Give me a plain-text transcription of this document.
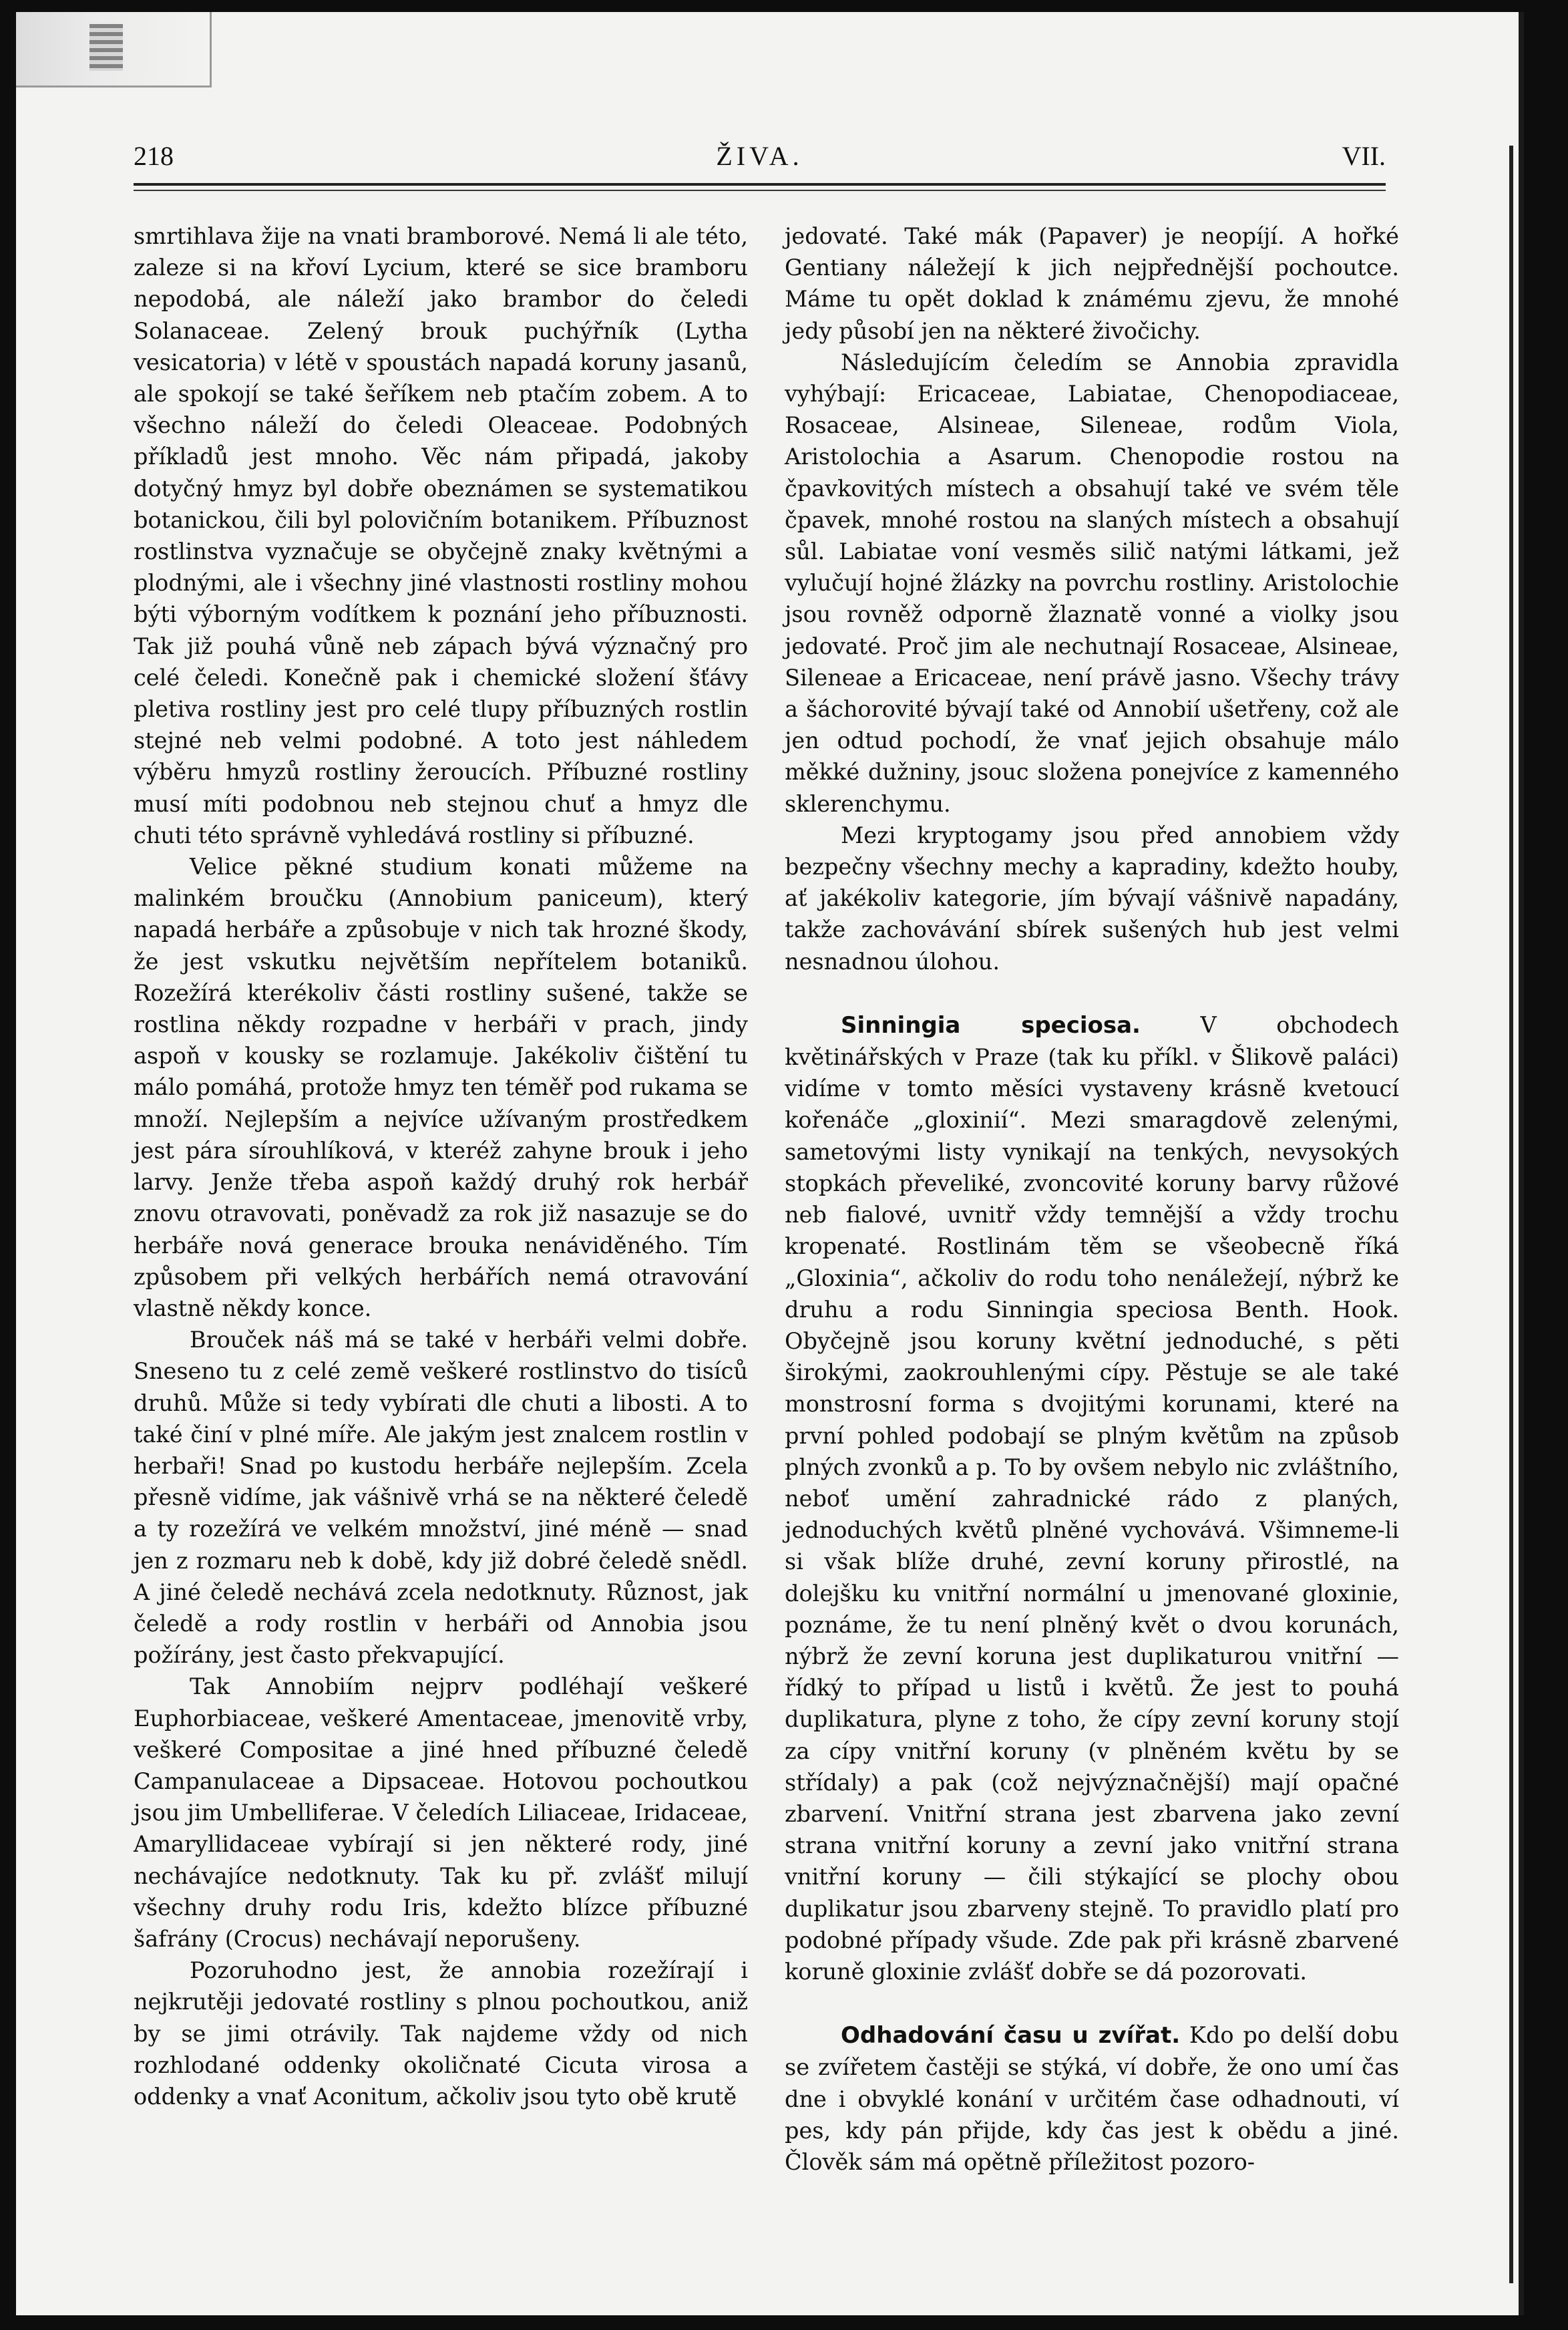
218	ŽIVA.	VII.

smrtihlava žije na vnati bramborové. Nemá li ale této, zaleze si na křoví Lycium, které se sice bramboru nepodobá, ale náleží jako brambor do čeledi Solanaceae. Zelený brouk puchýřník (Lytha vesicatoria) v létě v spoustách napadá koruny jasanů, ale spokojí se také šeříkem neb ptačím zobem. A to všechno náleží do čeledi Oleaceae. Podobných příkladů jest mnoho. Věc nám připadá, jakoby dotyčný hmyz byl dobře obeznámen se systematikou botanickou, čili byl polovičním botanikem. Příbuznost rostlinstva vyznačuje se obyčejně znaky květnými a plodnými, ale i všechny jiné vlastnosti rostliny mohou býti výborným vodítkem k poznání jeho příbuznosti. Tak již pouhá vůně neb zápach bývá význačný pro celé čeledi. Konečně pak i chemické složení šťávy pletiva rostliny jest pro celé tlupy příbuzných rostlin stejné neb velmi podobné. A toto jest náhledem výběru hmyzů rostliny žeroucích. Příbuzné rostliny musí míti podobnou neb stejnou chuť a hmyz dle chuti této správně vyhledává rostliny si příbuzné.

Velice pěkné studium konati můžeme na malinkém broučku (Annobium paniceum), který napadá herbáře a způsobuje v nich tak hrozné škody, že jest vskutku největším nepřítelem botaniků. Rozežírá kterékoliv části rostliny sušené, takže se rostlina někdy rozpadne v herbáři v prach, jindy aspoň v kousky se rozlamuje. Jakékoliv čištění tu málo pomáhá, protože hmyz ten téměř pod rukama se množí. Nejlepším a nejvíce užívaným prostředkem jest pára sírouhlíková, v kteréž zahyne brouk i jeho larvy. Jenže třeba aspoň každý druhý rok herbář znovu otravovati, poněvadž za rok již nasazuje se do herbáře nová generace brouka nenáviděného. Tím způsobem při velkých herbářích nemá otravování vlastně někdy konce.

Brouček náš má se také v herbáři velmi dobře. Sneseno tu z celé země veškeré rostlinstvo do tisíců druhů. Může si tedy vybírati dle chuti a libosti. A to také činí v plné míře. Ale jakým jest znalcem rostlin v herbaři! Snad po kustodu herbáře nejlepším. Zcela přesně vidíme, jak vášnivě vrhá se na některé čeledě a ty rozežírá ve velkém množství, jiné méně — snad jen z rozmaru neb k době, kdy již dobré čeledě snědl. A jiné čeledě nechává zcela nedotknuty. Různost, jak čeledě a rody rostlin v herbáři od Annobia jsou požírány, jest často překvapující.

Tak Annobiím nejprv podléhají veškeré Euphorbiaceae, veškeré Amentaceae, jmenovitě vrby, veškeré Compositae a jiné hned příbuzné čeledě Campanulaceae a Dipsaceae. Hotovou pochoutkou jsou jim Umbelliferae. V čeledích Liliaceae, Iridaceae, Amaryllidaceae vybírají si jen některé rody, jiné nechávajíce nedotknuty. Tak ku př. zvlášť milují všechny druhy rodu Iris, kdežto blízce příbuzné šafrány (Crocus) nechávají neporušeny.

Pozoruhodno jest, že annobia rozežírají i nejkrutěji jedovaté rostliny s plnou pochoutkou, aniž by se jimi otrávily. Tak najdeme vždy od nich rozhlodané oddenky okoličnaté Cicuta virosa a oddenky a vnať Aconitum, ačkoliv jsou tyto obě krutě

jedovaté. Také mák (Papaver) je neopíjí. A hořké Gentiany náležejí k jich nejpřednější pochoutce. Máme tu opět doklad k známému zjevu, že mnohé jedy působí jen na některé živočichy.

Následujícím čeledím se Annobia zpravidla vyhýbají: Ericaceae, Labiatae, Chenopodiaceae, Rosaceae, Alsineae, Sileneae, rodům Viola, Aristolochia a Asarum. Chenopodie rostou na čpavkovitých místech a obsahují také ve svém těle čpavek, mnohé rostou na slaných místech a obsahují sůl. Labiatae voní vesměs silič natými látkami, jež vylučují hojné žlázky na povrchu rostliny. Aristolochie jsou rovněž odporně žlaznatě vonné a violky jsou jedovaté. Proč jim ale nechutnají Rosaceae, Alsineae, Sileneae a Ericaceae, není právě jasno. Všechy trávy a šáchorovité bývají také od Annobií ušetřeny, což ale jen odtud pochodí, že vnať jejich obsahuje málo měkké dužniny, jsouc složena ponejvíce z kamenného sklerenchymu.

Mezi kryptogamy jsou před annobiem vždy bezpečny všechny mechy a kapradiny, kdežto houby, ať jakékoliv kategorie, jím bývají vášnivě napadány, takže zachovávání sbírek sušených hub jest velmi nesnadnou úlohou.

Sinningia speciosa. V obchodech květinářských v Praze (tak ku příkl. v Šlikově paláci) vidíme v tomto měsíci vystaveny krásně kvetoucí kořenáče „gloxinií“. Mezi smaragdově zelenými, sametovými listy vynikají na tenkých, nevysokých stopkách převeliké, zvoncovité koruny barvy růžové neb fialové, uvnitř vždy temnější a vždy trochu kropenaté. Rostlinám těm se všeobecně říká „Gloxinia“, ačkoliv do rodu toho nenáležejí, nýbrž ke druhu a rodu Sinningia speciosa Benth. Hook. Obyčejně jsou koruny květní jednoduché, s pěti širokými, zaokrouhlenými cípy. Pěstuje se ale také monstrosní forma s dvojitými korunami, které na první pohled podobají se plným květům na způsob plných zvonků a p. To by ovšem nebylo nic zvláštního, neboť umění zahradnické rádo z planých, jednoduchých květů plněné vychovává. Všimneme-li si však blíže druhé, zevní koruny přirostlé, na dolejšku ku vnitřní normální u jmenované gloxinie, poznáme, že tu není plněný květ o dvou korunách, nýbrž že zevní koruna jest duplikaturou vnitřní — řídký to případ u listů i květů. Že jest to pouhá duplikatura, plyne z toho, že cípy zevní koruny stojí za cípy vnitřní koruny (v plněném květu by se střídaly) a pak (což nejvýznačnější) mají opačné zbarvení. Vnitřní strana jest zbarvena jako zevní strana vnitřní koruny a zevní jako vnitřní strana vnitřní koruny — čili stýkající se plochy obou duplikatur jsou zbarveny stejně. To pravidlo platí pro podobné případy všude. Zde pak při krásně zbarvené koruně gloxinie zvlášť dobře se dá pozorovati.

Odhadování času u zvířat. Kdo po delší dobu se zvířetem častěji se stýká, ví dobře, že ono umí čas dne i obvyklé konání v určitém čase odhadnouti, ví pes, kdy pán přijde, kdy čas jest k obědu a jiné. Člověk sám má opětně příležitost pozoro-
